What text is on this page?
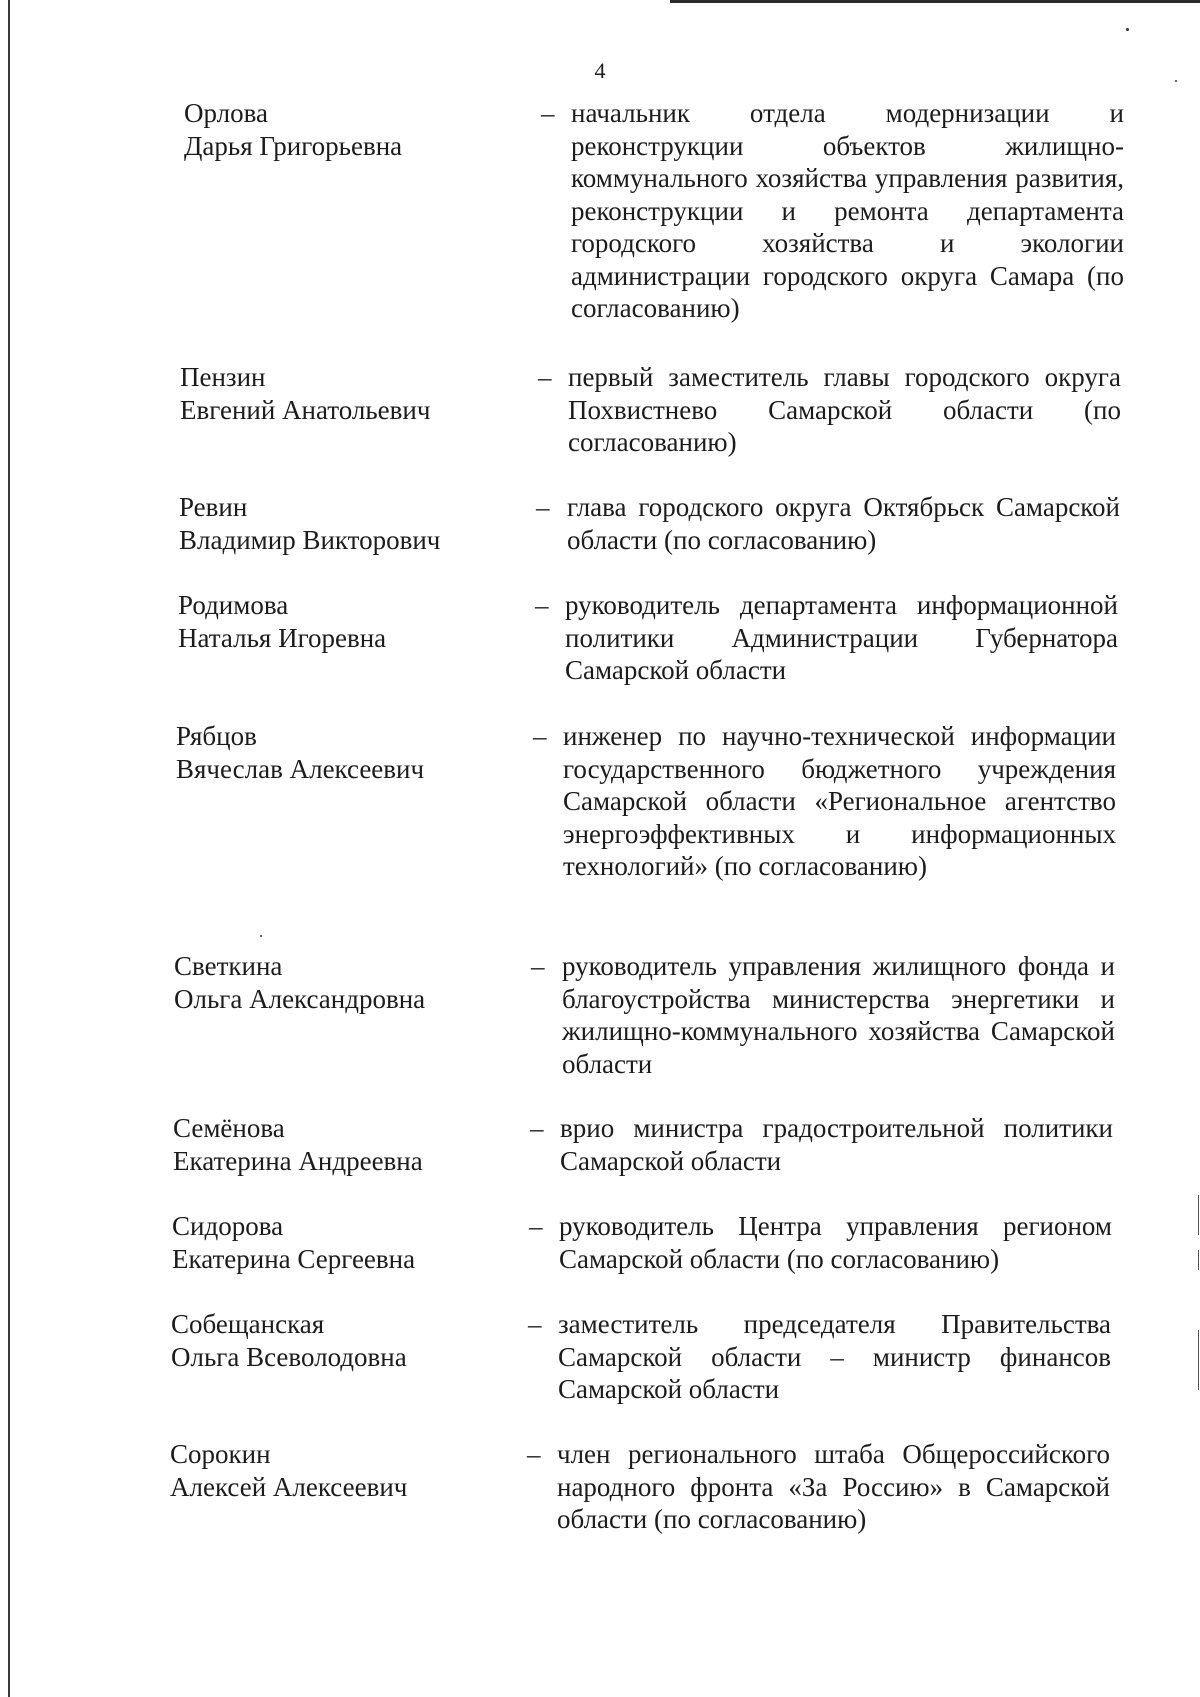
4
Орлова
Дарья Григорьевна
– начальник отдела модернизации и реконструкции объектов жилищно-коммунального хозяйства управления развития, реконструкции и ремонта департамента городского хозяйства и экологии администрации городского округа Самара (по согласованию)
Пензин
Евгений Анатольевич
– первый заместитель главы городского округа Похвистнево Самарской области (по согласованию)
Ревин
Владимир Викторович
– глава городского округа Октябрьск Самарской области (по согласованию)
Родимова
Наталья Игоревна
– руководитель департамента информационной политики Администрации Губернатора Самарской области
Рябцов
Вячеслав Алексеевич
– инженер по научно-технической информации государственного бюджетного учреждения Самарской области «Региональное агентство энергоэффективных и информационных технологий» (по согласованию)
Светкина
Ольга Александровна
– руководитель управления жилищного фонда и благоустройства министерства энергетики и жилищно-коммунального хозяйства Самарской области
Семёнова
Екатерина Андреевна
– врио министра градостроительной политики Самарской области
Сидорова
Екатерина Сергеевна
– руководитель Центра управления регионом Самарской области (по согласованию)
Собещанская
Ольга Всеволодовна
– заместитель председателя Правительства Самарской области – министр финансов Самарской области
Сорокин
Алексей Алексеевич
– член регионального штаба Общероссийского народного фронта «За Россию» в Самарской области (по согласованию)
